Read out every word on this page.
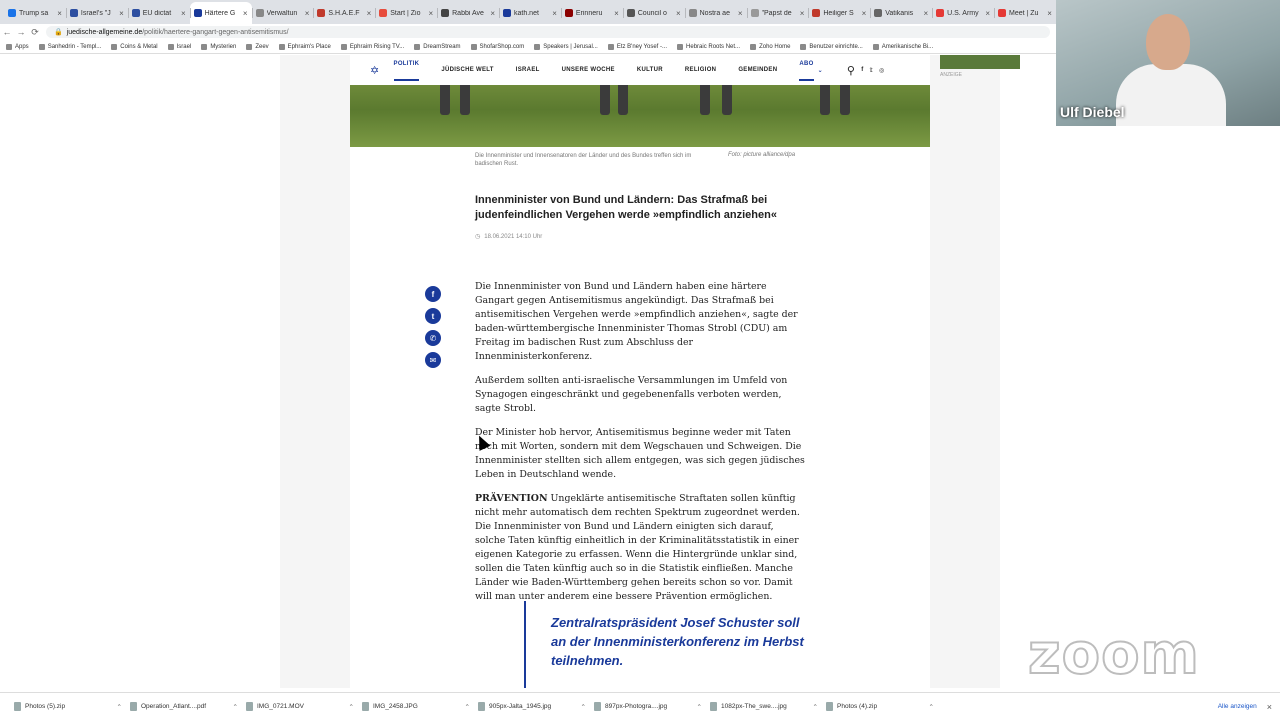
Trump sa	×	Israel's "J	×	EU dictat	×	Härtere G ×	Verwaltun ×	S.H.A.E.F ×	Start | Zio ×	Rabbi Ave ×	kath.net	×	Erinneru	×	Council o	×	Nostra ae ×	"Papst de	×	Heiliger S ×	Vatikanis	×	U.S. Army ×	Meet | Zu	×
← → ⟳	🔒 juedische-allgemeine.de /politik/haertere-gangart-gegen-antisemitismus/
Apps	Sanhedrin - Templ...	Coins & Metal	Israel	Mysterien	Zeev	Ephraim's Place	Ephraim Rising TV...	DreamStream	ShofarShop.com	Speakers | Jerusal...	Etz B'ney Yosef -...	Hebraic Roots Net...	Zoho Home	Benutzer einrichte...	Amerikanische Bi...
✡
POLITIK
JÜDISCHE WELT	ISRAEL	UNSERE WOCHE	KULTUR	RELIGION	GEMEINDEN
ABO
⌄ ⚲ f 𝕥 ◎
ANZEIGE
Die Innenminister und Innensenatoren der Länder und des Bundes treffen sich im badischen Rust.
Foto: picture alliance/dpa
Innenminister von Bund und Ländern: Das Strafmaß bei judenfeindlichen Vergehen werde »empfindlich anziehen«
◷ 18.06.2021 14:10 Uhr
f
t
✆
✉

Die Innenminister von Bund und Ländern haben eine härtere Gangart gegen Antisemitismus angekündigt. Das Strafmaß bei antisemitischen Vergehen werde »empfindlich anziehen«, sagte der baden-württembergische Innenminister Thomas Strobl (CDU) am Freitag im badischen Rust zum Abschluss der Innenministerkonferenz.

Außerdem sollten anti-israelische Versammlungen im Umfeld von Synagogen eingeschränkt und gegebenenfalls verboten werden, sagte Strobl.

Der Minister hob hervor, Antisemitismus beginne weder mit Taten noch mit Worten, sondern mit dem Wegschauen und Schweigen. Die Innenminister stellten sich allem entgegen, was sich gegen jüdisches Leben in Deutschland wende.

PRÄVENTION Ungeklärte antisemitische Straftaten sollen künftig nicht mehr automatisch dem rechten Spektrum zugeordnet werden. Die Innenminister von Bund und Ländern einigten sich darauf, solche Taten künftig einheitlich in der Kriminalitätsstatistik in einer eigenen Kategorie zu erfassen. Wenn die Hintergründe unklar sind, sollen die Taten künftig auch so in die Statistik einfließen. Manche Länder wie Baden-Württemberg gehen bereits schon so vor. Damit will man unter anderem eine bessere Prävention ermöglichen.

Zentralratspräsident Josef Schuster soll an der Innenministerkonferenz im Herbst teilnehmen.
Ulf Diebel
zoom
Photos (5).zip	⌃	Operation_Atlant....pdf	⌃	IMG_0721.MOV	⌃	IMG_2458.JPG	⌃	905px-Jalta_1945.jpg	⌃	897px-Photogra....jpg	⌃	1082px-The_swe....jpg	⌃	Photos (4).zip	⌃	Alle anzeigen ×
